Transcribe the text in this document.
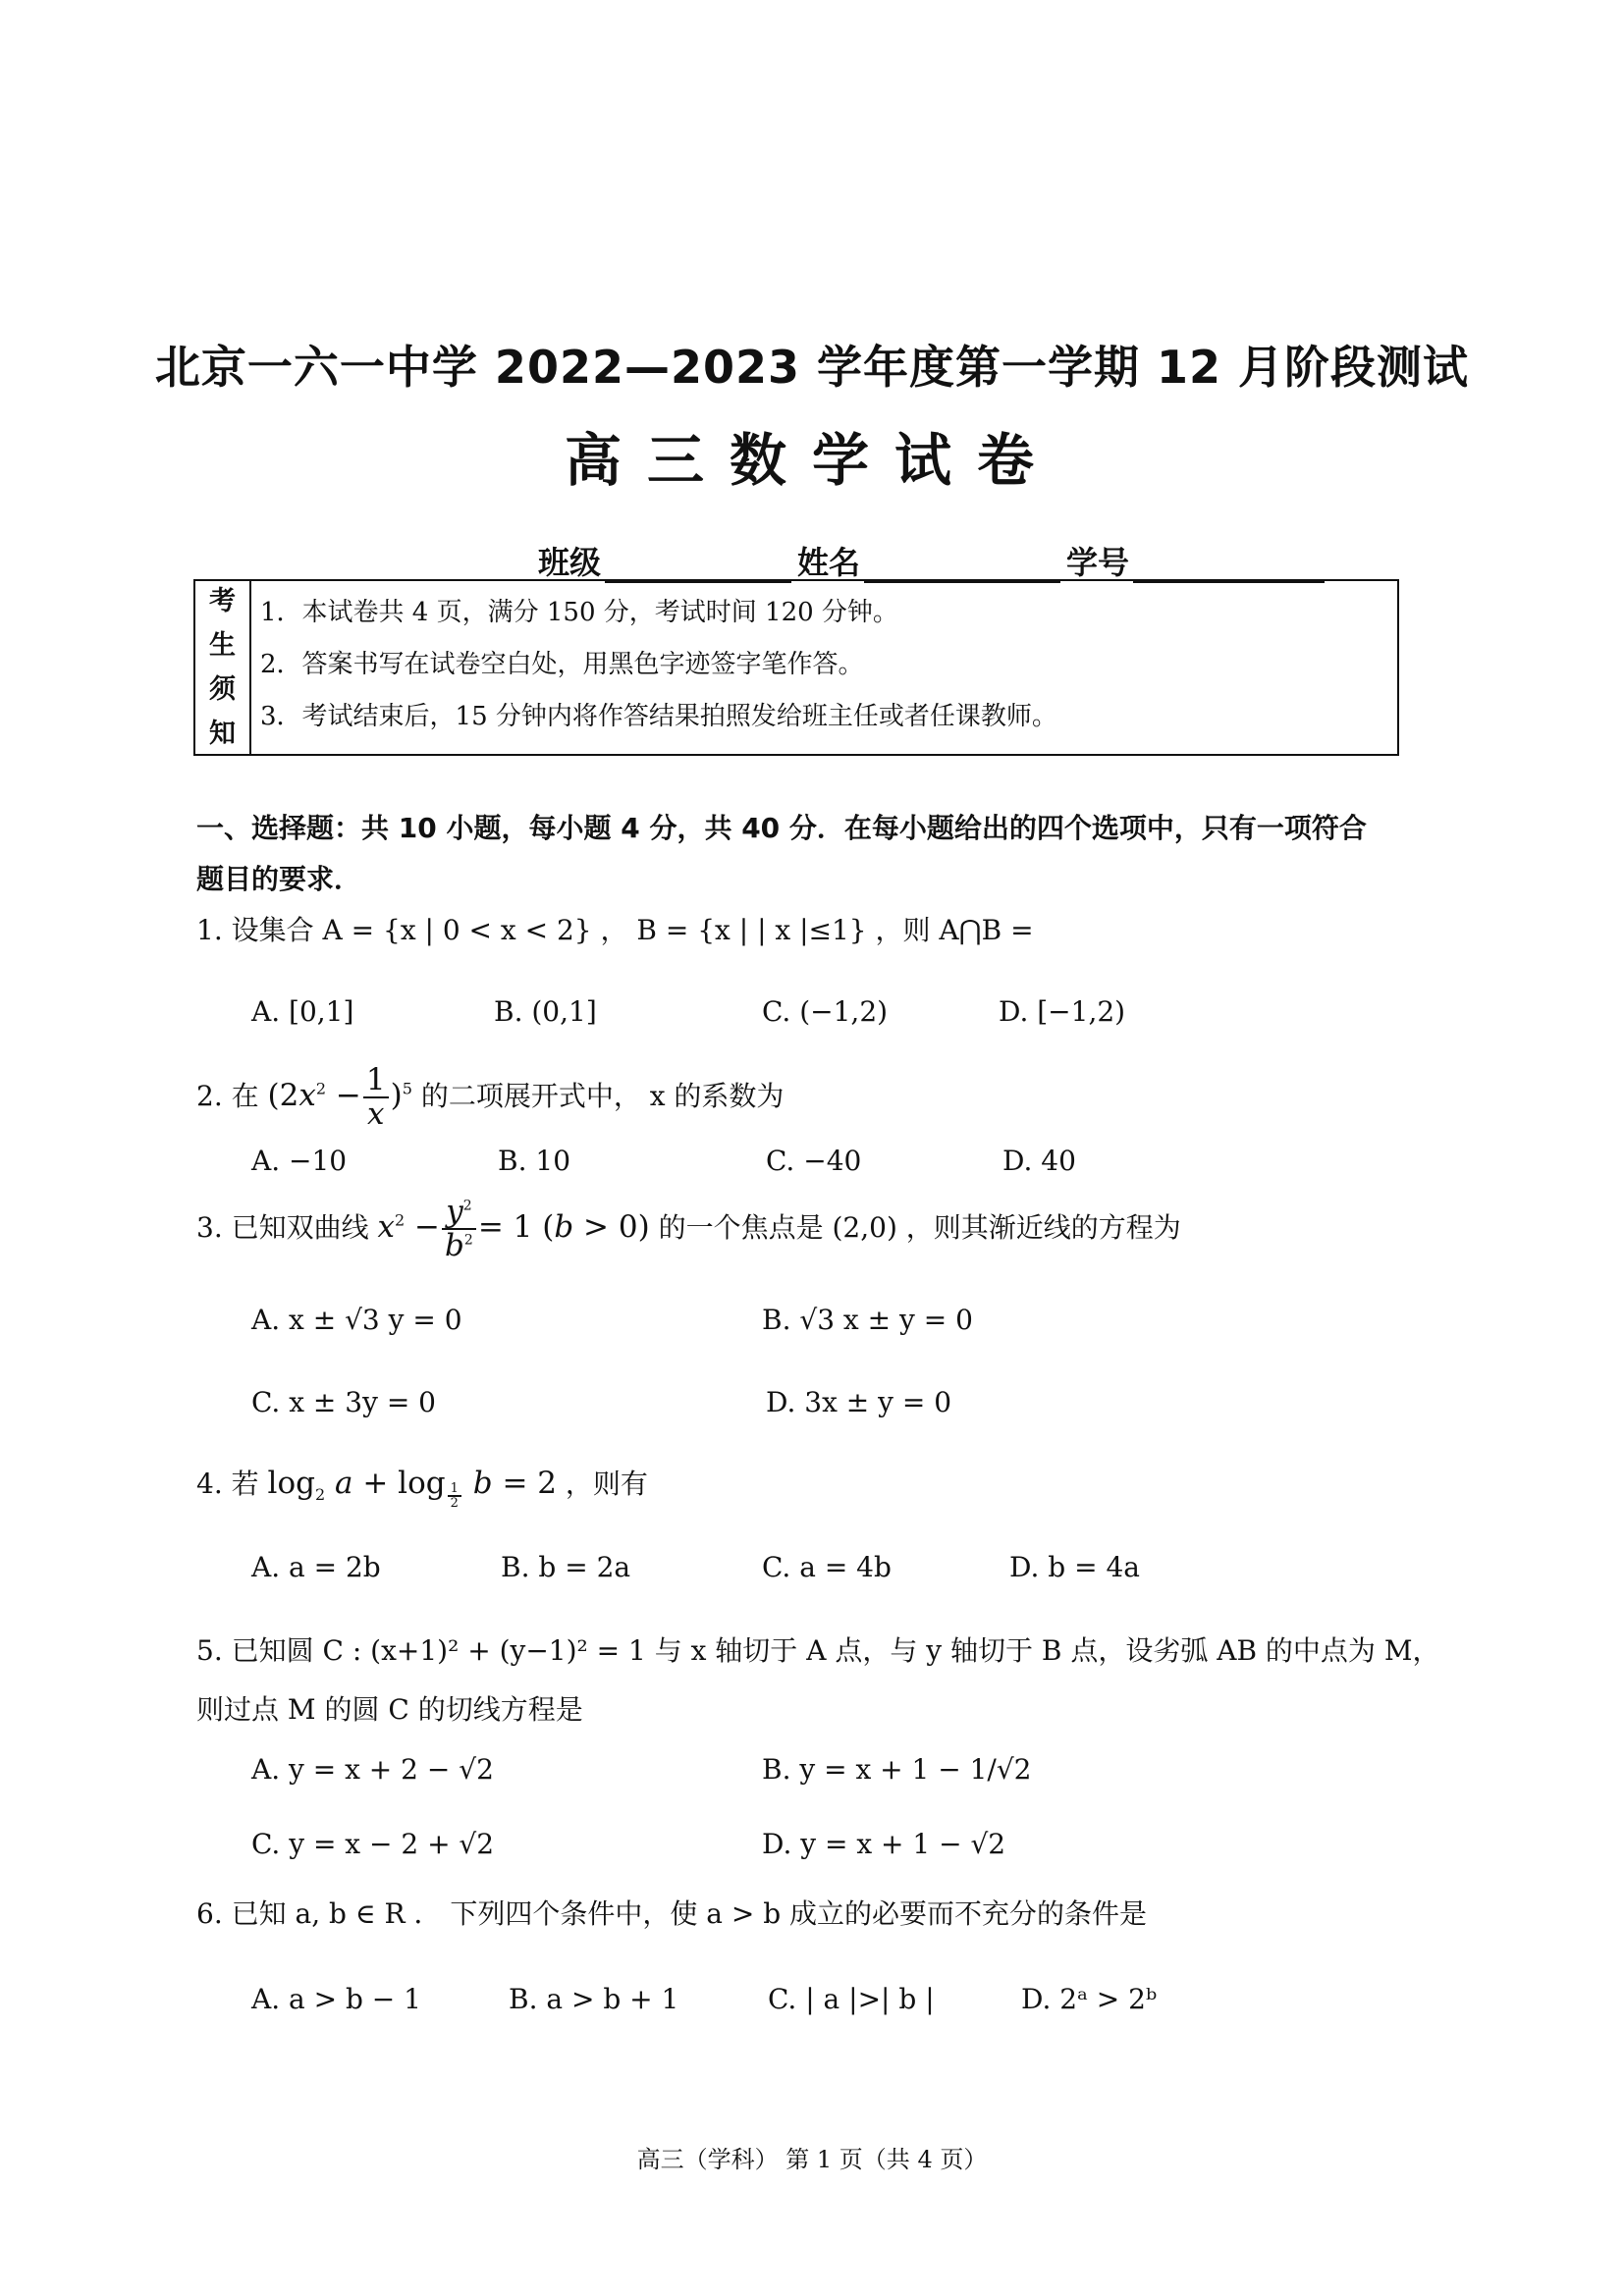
北京一六一中学 2022—2023 学年度第一学期 12 月阶段测试
高三数学试卷
班级	姓名	学号
考
生
须
知
1．本试卷共 4 页，满分 150 分，考试时间 120 分钟。
2．答案书写在试卷空白处，用黑色字迹签字笔作答。
3．考试结束后，15 分钟内将作答结果拍照发给班主任或者任课教师。
一、选择题：共 10 小题，每小题 4 分，共 40 分．在每小题给出的四个选项中，只有一项符合
题目的要求．
1. 设集合 A = {x | 0 < x < 2} ， B = {x | | x |≤1} ，则 A⋂B =
A. [0,1]	B. (0,1]	C. (−1,2)	D. [−1,2)
2. 在 $(2x^2 - \frac{1}{x} )^5$ 的二项展开式中， x 的系数为
A. −10	B. 10	C. −40	D. 40
3. 已知双曲线 $x^2 - \frac{y^2}{b^2} = 1$ (b > 0) 的一个焦点是 (2,0) ，则其渐近线的方程为
A. x ± √3 y = 0	B. √3 x ± y = 0
C. x ± 3y = 0	D. 3x ± y = 0
4. 若 $\log_2 a + \log _{\frac{1}{2}}$ b = 2 ，则有
A. a = 2b	B. b = 2a	C. a = 4b	D. b = 4a
5. 已知圆 C : (x+1)² + (y−1)² = 1 与 x 轴切于 A 点，与 y 轴切于 B 点，设劣弧 AB 的中点为 M，
则过点 M 的圆 C 的切线方程是
A. y = x + 2 − √2	B. y = x + 1 − 1/√2
C. y = x − 2 + √2	D. y = x + 1 − √2
6. 已知 a, b ∈ R ． 下列四个条件中，使 a > b 成立的必要而不充分的条件是
A. a > b − 1	B. a > b + 1	C. | a |>| b |	D. 2ᵃ > 2ᵇ
高三（学科） 第 1 页（共 4 页）
